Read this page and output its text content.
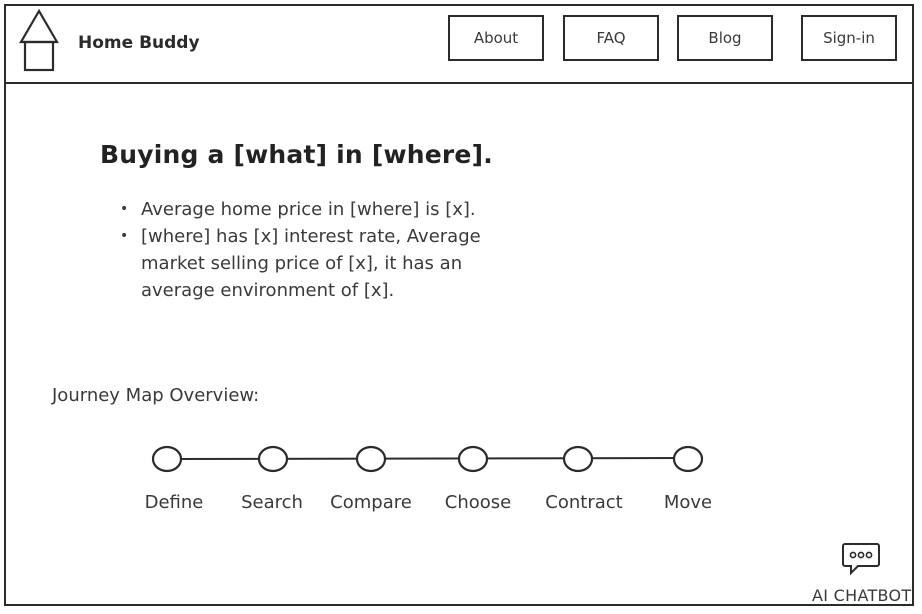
Home Buddy	About	FAQ	Blog	Sign-in
Buying a [what] in [where].
• Average home price in [where] is [x].
• [where] has [x] interest rate, Average market selling price of [x], it has an average environment of [x].
Journey Map Overview:
Define Search Compare Choose Contract Move
AI CHATBOT
